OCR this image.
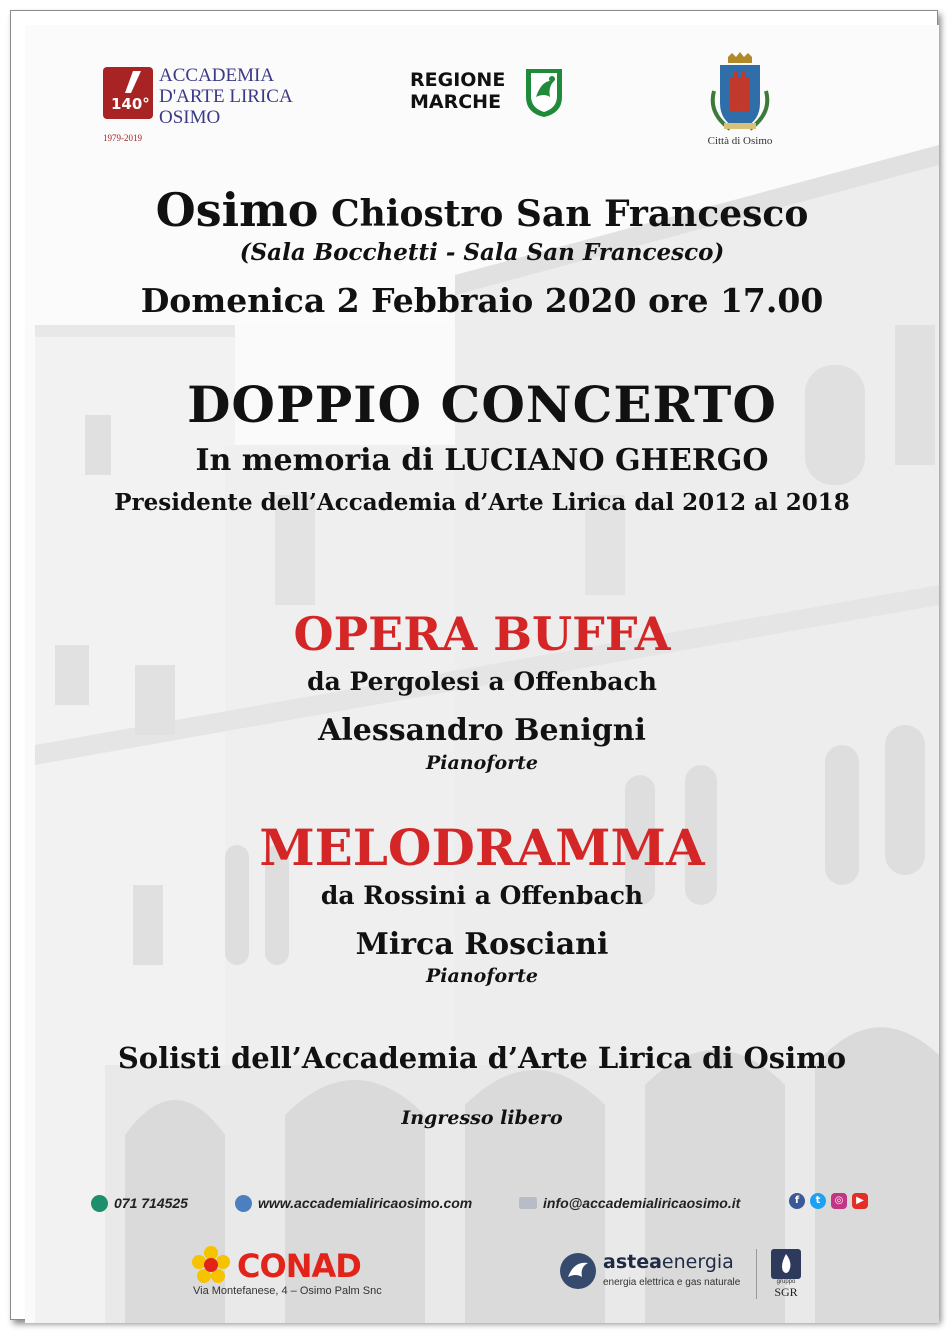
140°
ACCADEMIA
D'ARTE LIRICA
OSIMO
1979-2019
REGIONE
MARCHE
Città di Osimo
Osimo Chiostro San Francesco
(Sala Bocchetti - Sala San Francesco)
Domenica 2 Febbraio 2020 ore 17.00
DOPPIO CONCERTO
In memoria di LUCIANO GHERGO
Presidente dell’Accademia d’Arte Lirica dal 2012 al 2018
OPERA BUFFA
da Pergolesi a Offenbach
Alessandro Benigni
Pianoforte
MELODRAMMA
da Rossini a Offenbach
Mirca Rosciani
Pianoforte
Solisti dell’Accademia d’Arte Lirica di Osimo
Ingresso libero
071 714525	www.accademialiricaosimo.com	info@accademialiricaosimo.it	f	t	◎	▶
CONAD
Via Montefanese, 4 – Osimo Palm Snc
asteaenergia
energia elettrica e gas naturale	gruppo
SGR
